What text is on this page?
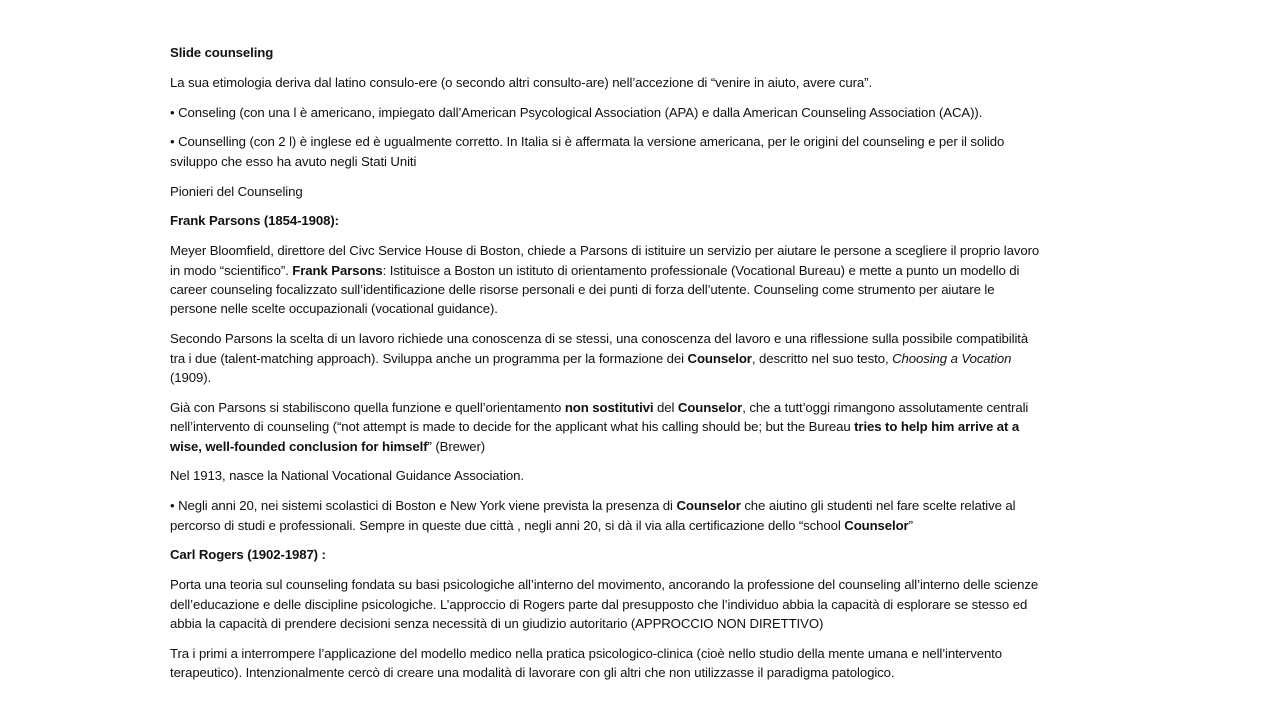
Slide counseling

La sua etimologia deriva dal latino consulo-ere (o secondo altri consulto-are) nell’accezione di “venire in aiuto, avere cura”.

• Conseling (con una l è americano, impiegato dall’American Psycological Association (APA) e dalla American Counseling Association (ACA)).

• Counselling (con 2 l) è inglese ed è ugualmente corretto. In Italia si è affermata la versione americana, per le origini del counseling e per il solido sviluppo che esso ha avuto negli Stati Uniti

Pionieri del Counseling

Frank Parsons (1854-1908):

Meyer Bloomfield, direttore del Civc Service House di Boston, chiede a Parsons di istituire un servizio per aiutare le persone a scegliere il proprio lavoro in modo “scientifico”. Frank Parsons: Istituisce a Boston un istituto di orientamento professionale (Vocational Bureau) e mette a punto un modello di career counseling focalizzato sull’identificazione delle risorse personali e dei punti di forza dell’utente. Counseling come strumento per aiutare le persone nelle scelte occupazionali (vocational guidance).

Secondo Parsons la scelta di un lavoro richiede una conoscenza di se stessi, una conoscenza del lavoro e una riflessione sulla possibile compatibilità tra i due (talent-matching approach). Sviluppa anche un programma per la formazione dei Counselor, descritto nel suo testo, Choosing a Vocation (1909).

Già con Parsons si stabiliscono quella funzione e quell’orientamento non sostitutivi del Counselor, che a tutt’oggi rimangono assolutamente centrali nell’intervento di counseling (“not attempt is made to decide for the applicant what his calling should be; but the Bureau tries to help him arrive at a wise, well-founded conclusion for himself” (Brewer)

Nel 1913, nasce la National Vocational Guidance Association.

• Negli anni 20, nei sistemi scolastici di Boston e New York viene prevista la presenza di Counselor che aiutino gli studenti nel fare scelte relative al percorso di studi e professionali. Sempre in queste due città , negli anni 20, si dà il via alla certificazione dello “school Counselor”

Carl Rogers (1902-1987) :

Porta una teoria sul counseling fondata su basi psicologiche all’interno del movimento, ancorando la professione del counseling all’interno delle scienze dell’educazione e delle discipline psicologiche. L’approccio di Rogers parte dal presupposto che l’individuo abbia la capacità di esplorare se stesso ed abbia la capacità di prendere decisioni senza necessità di un giudizio autoritario (APPROCCIO NON DIRETTIVO)

Tra i primi a interrompere l’applicazione del modello medico nella pratica psicologico-clinica (cioè nello studio della mente umana e nell’intervento terapeutico). Intenzionalmente cercò di creare una modalità di lavorare con gli altri che non utilizzasse il paradigma patologico.
